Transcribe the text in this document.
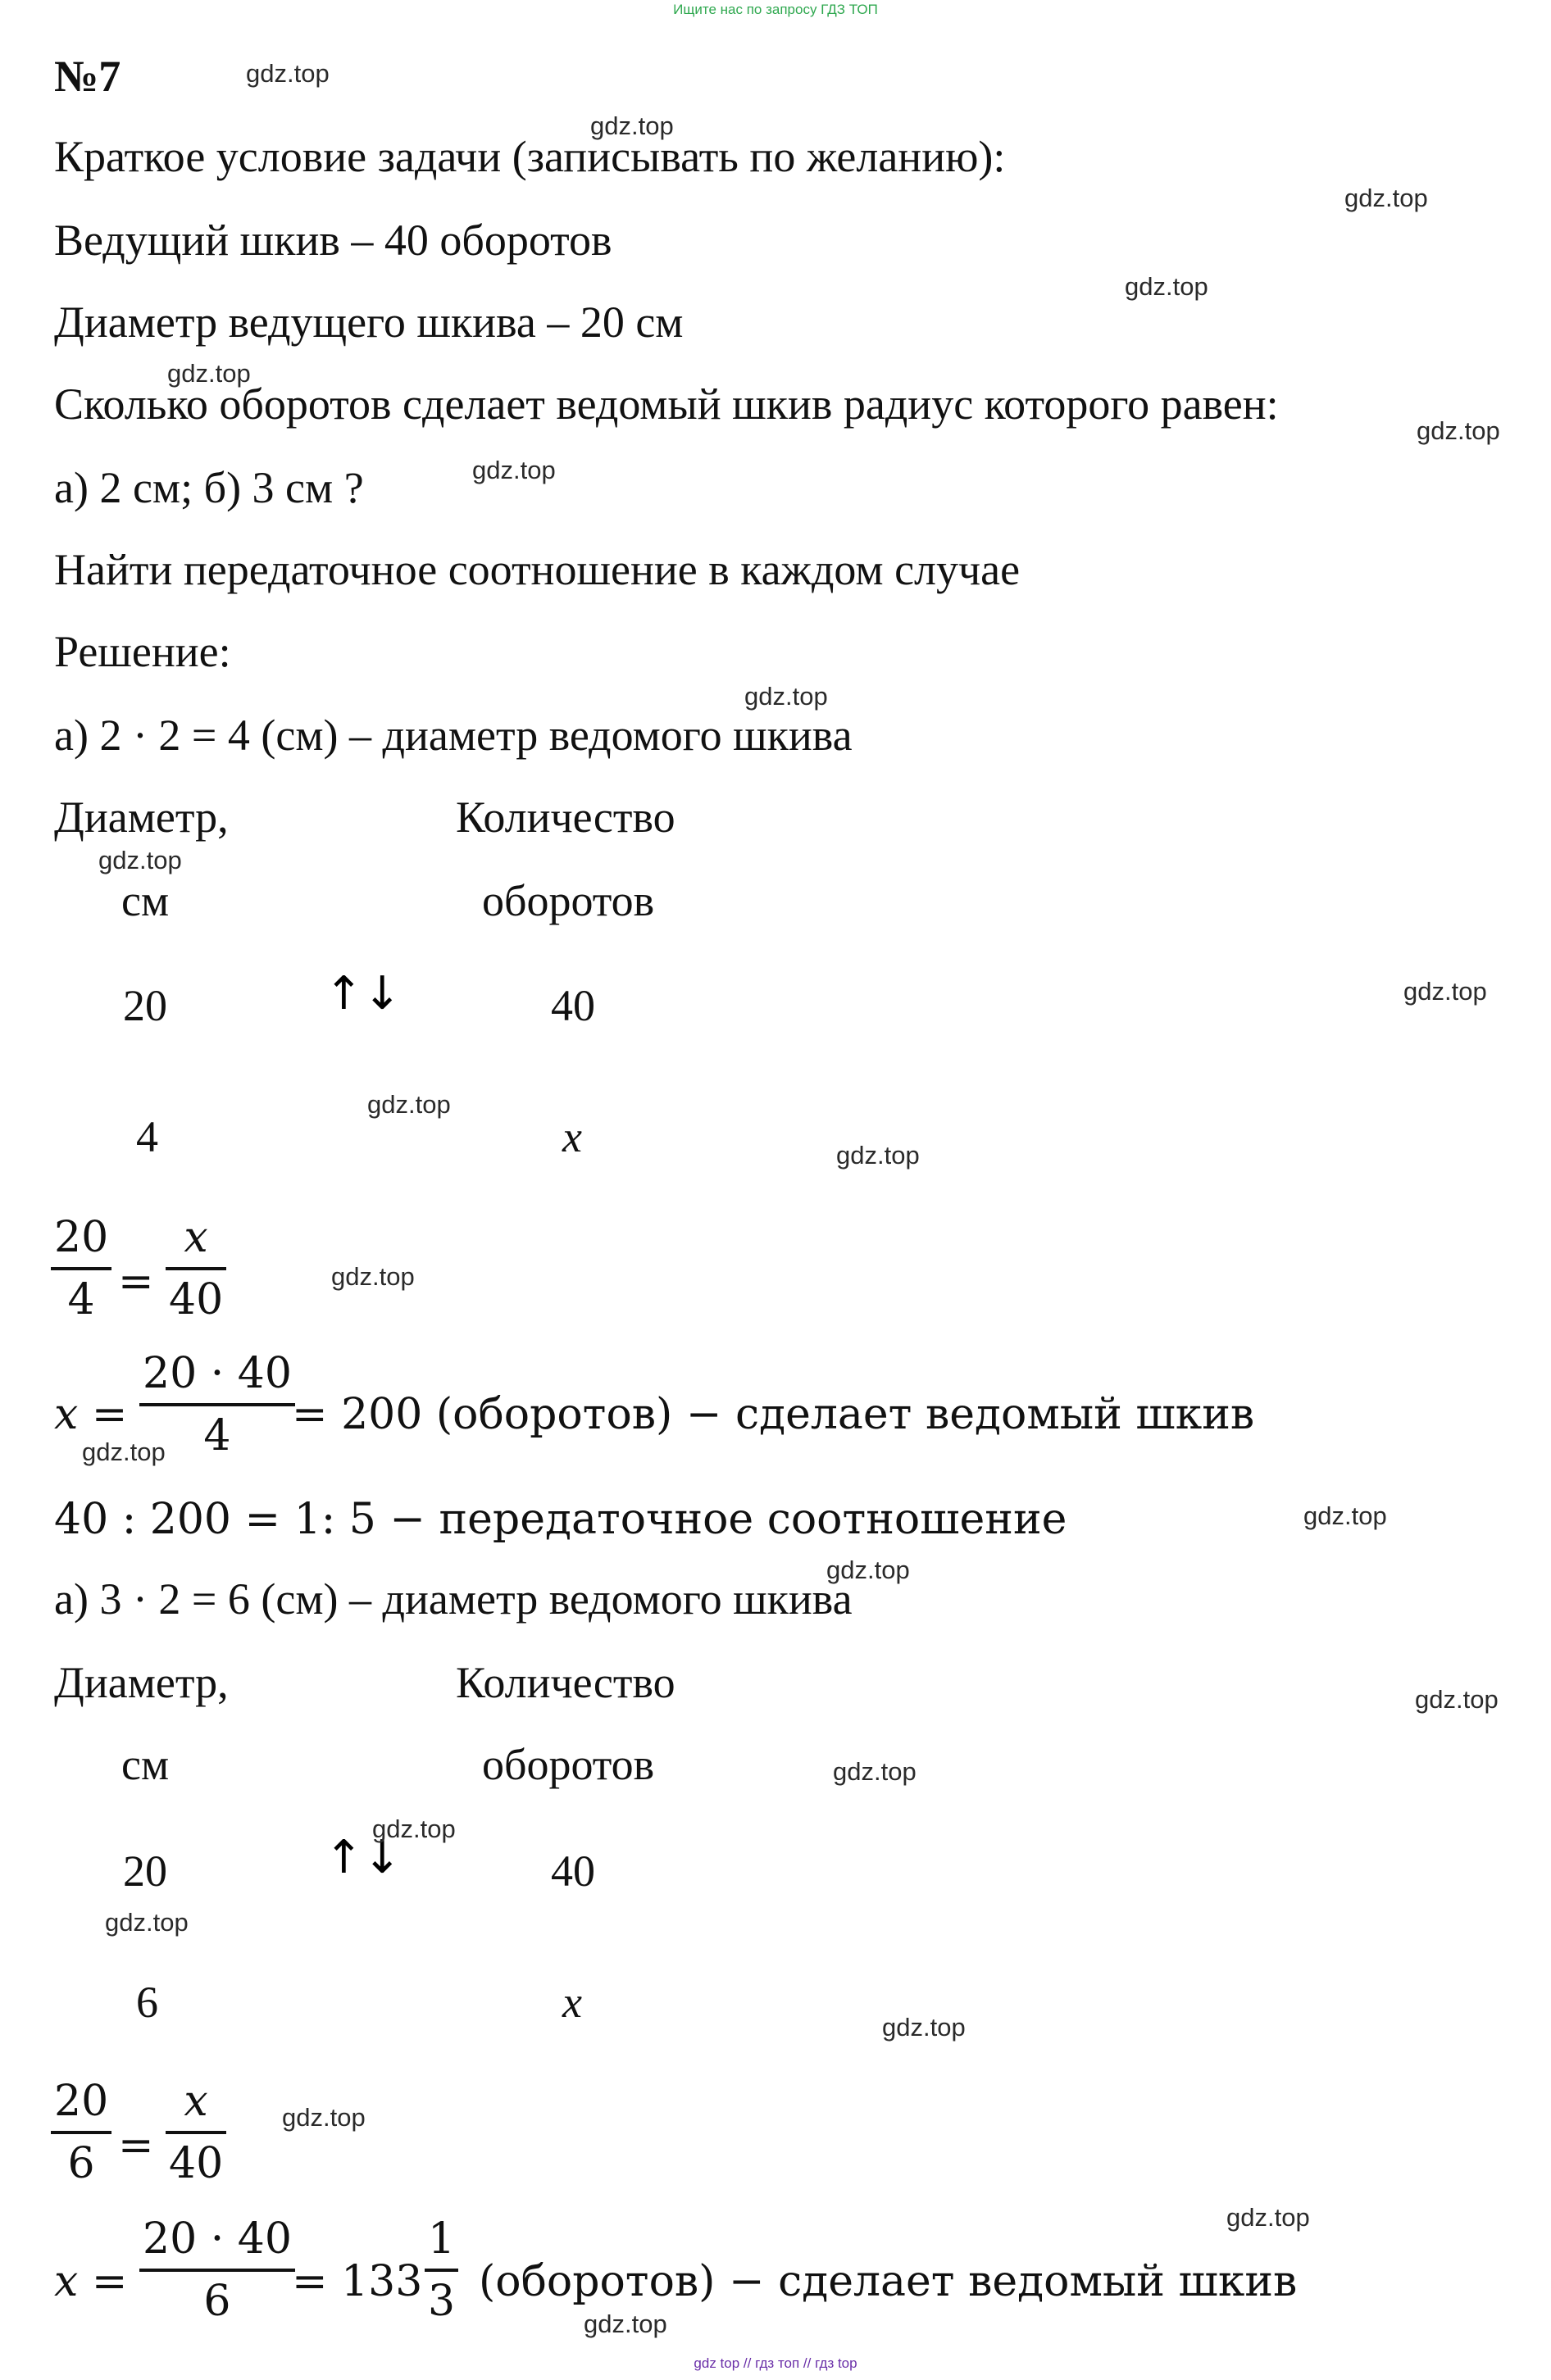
Ищите нас по запросу ГДЗ ТОП
gdz top // гдз топ // гдз top
№7
Краткое условие задачи (записывать по желанию):
Ведущий шкив – 40 оборотов
Диаметр ведущего шкива – 20 см
Сколько оборотов сделает ведомый шкив радиус которого равен:
а) 2 см; б) 3 см ?
Найти передаточное соотношение в каждом случае
Решение:
а) 2 · 2 = 4 (см) – диаметр ведомого шкива
Диаметр,	Количество
см	оборотов
20	↑↓	40
4	x
20
4 =
x
40
x =
20 · 40
4 = 200 (оборотов) − сделает ведомый шкив
40 : 200 = 1: 5 − передаточное соотношение
а) 3 · 2 = 6 (см) – диаметр ведомого шкива
Диаметр,	Количество
см	оборотов
20	↑↓	40
6	x
20
6 =
x
40
x =
20 · 40
6 = 133
1
3 (оборотов) − сделает ведомый шкив
gdz.top
gdz.top
gdz.top
gdz.top
gdz.top
gdz.top
gdz.top
gdz.top
gdz.top
gdz.top
gdz.top
gdz.top
gdz.top
gdz.top
gdz.top
gdz.top
gdz.top
gdz.top
gdz.top
gdz.top
gdz.top
gdz.top
gdz.top
gdz.top
